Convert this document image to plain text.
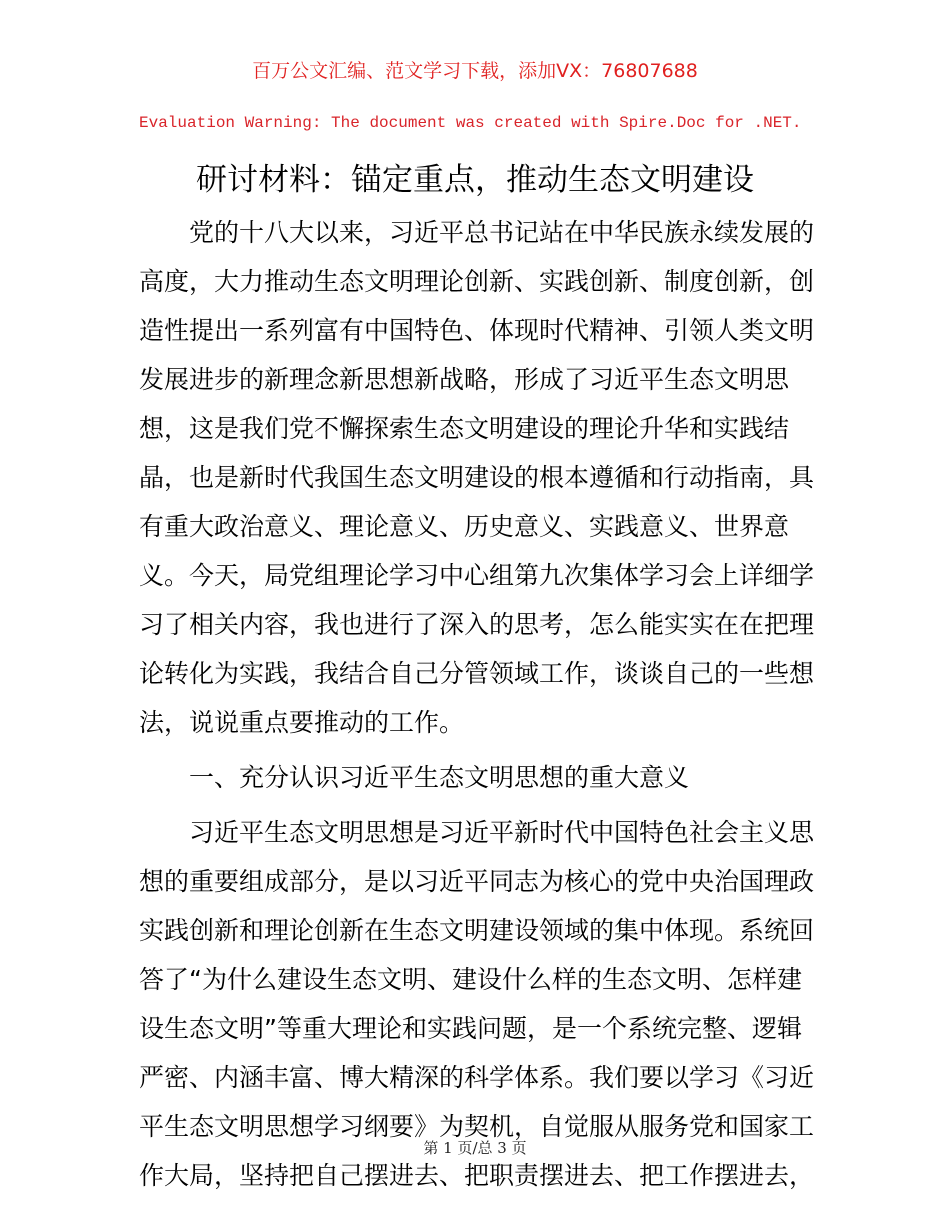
百万公文汇编、范文学习下载，添加VX：76807688
Evaluation Warning: The document was created with Spire.Doc for .NET.
研讨材料：锚定重点，推动生态文明建设
党的十八大以来，习近平总书记站在中华民族永续发展的
高度，大力推动生态文明理论创新、实践创新、制度创新，创
造性提出一系列富有中国特色、体现时代精神、引领人类文明
发展进步的新理念新思想新战略，形成了习近平生态文明思
想，这是我们党不懈探索生态文明建设的理论升华和实践结
晶，也是新时代我国生态文明建设的根本遵循和行动指南，具
有重大政治意义、理论意义、历史意义、实践意义、世界意
义。今天，局党组理论学习中心组第九次集体学习会上详细学
习了相关内容，我也进行了深入的思考，怎么能实实在在把理
论转化为实践，我结合自己分管领域工作，谈谈自己的一些想
法，说说重点要推动的工作。
一、充分认识习近平生态文明思想的重大意义
习近平生态文明思想是习近平新时代中国特色社会主义思
想的重要组成部分，是以习近平同志为核心的党中央治国理政
实践创新和理论创新在生态文明建设领域的集中体现。系统回
答了“为什么建设生态文明、建设什么样的生态文明、怎样建
设生态文明”等重大理论和实践问题，是一个系统完整、逻辑
严密、内涵丰富、博大精深的科学体系。我们要以学习《习近
平生态文明思想学习纲要》为契机，自觉服从服务党和国家工
作大局，坚持把自己摆进去、把职责摆进去、把工作摆进去，
第 1 页/总 3 页
